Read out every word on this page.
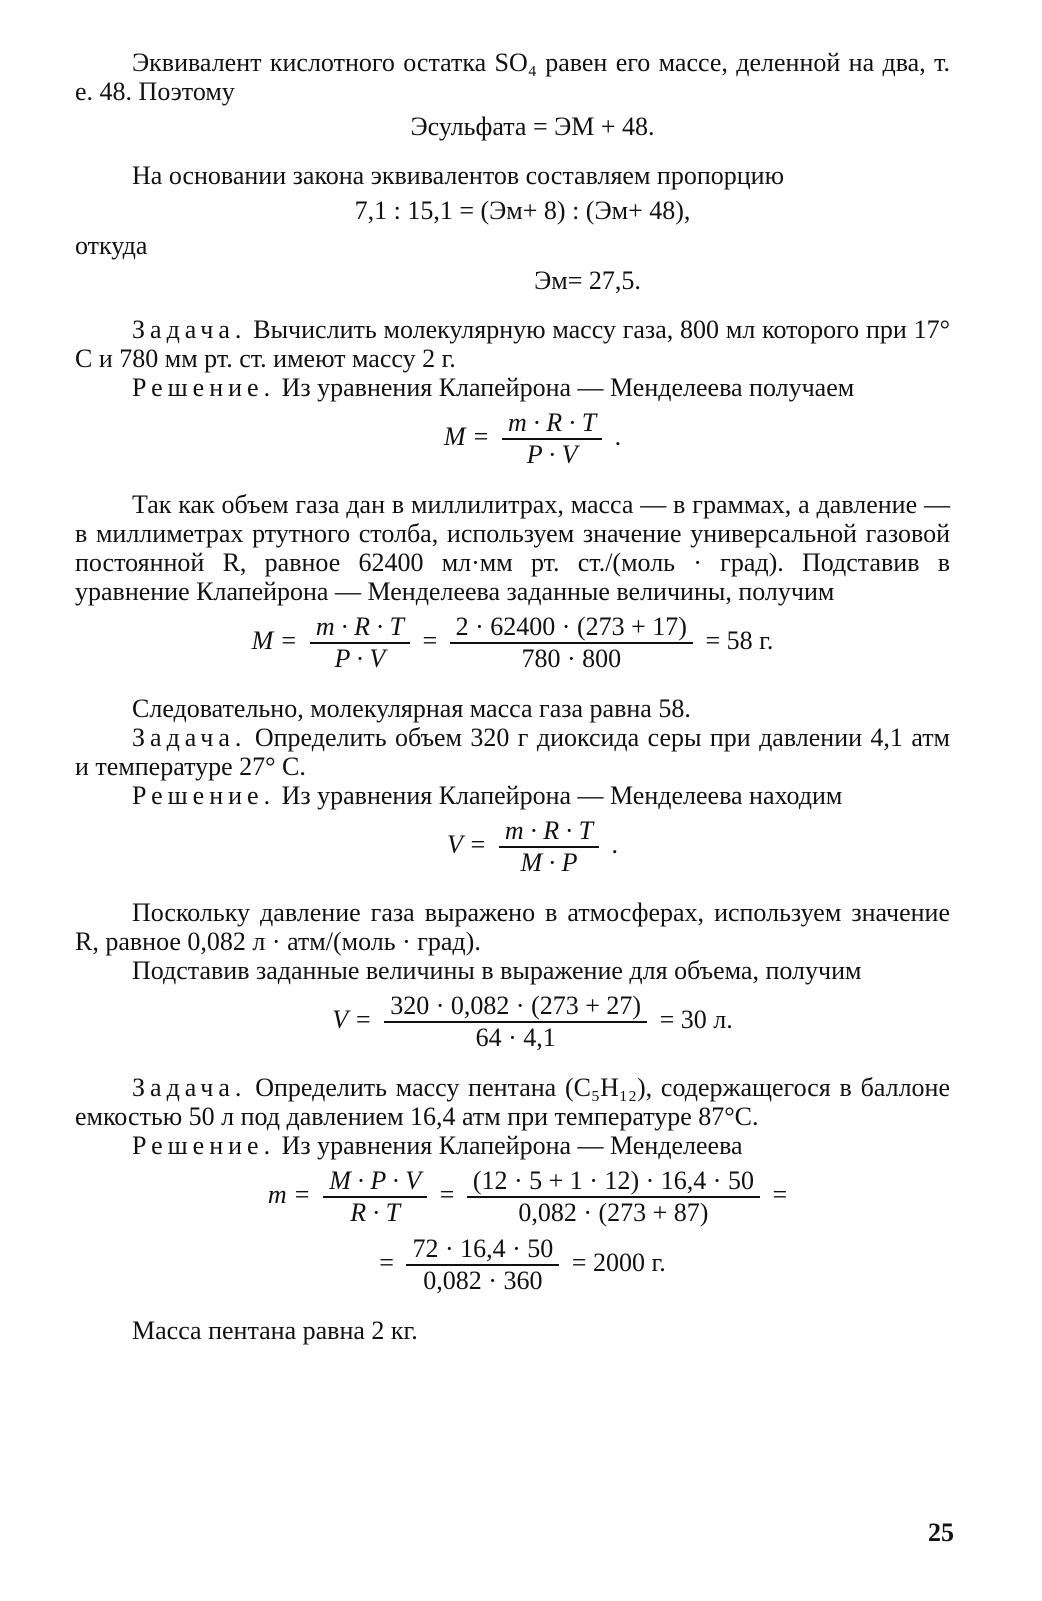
Эквивалент кислотного остатка SO₄ равен его массе, деленной на два, т. е. 48. Поэтому

Эсульфата = ЭМ + 48.

На основании закона эквивалентов составляем пропорцию

7,1 : 15,1 = (Эм+ 8) : (Эм+ 48),

откуда

Эм= 27,5.

Задача. Вычислить молекулярную массу газа, 800 мл которого при 17° С и 780 мм рт. ст. имеют массу 2 г.

Решение. Из уравнения Клапейрона — Менделеева получаем

$M = \frac{m \cdot R \cdot T}{P \cdot V}$ .

Так как объем газа дан в миллилитрах, масса — в граммах, а давление — в миллиметрах ртутного столба, используем значение универсальной газовой постоянной R, равное 62400 мл·мм рт. ст./(моль · град). Подставив в уравнение Клапейрона — Менделеева заданные величины, получим

$M = \frac{m \cdot R \cdot T}{P \cdot V} = \frac{2 \cdot 62400 \cdot (273 + 17)}{780 \cdot 800} = 58$ г.

Следовательно, молекулярная масса газа равна 58.

Задача. Определить объем 320 г диоксида серы при давлении 4,1 атм и температуре 27° С.

Решение. Из уравнения Клапейрона — Менделеева находим

$V = \frac{m \cdot R \cdot T}{M \cdot P}$ .

Поскольку давление газа выражено в атмосферах, используем значение R, равное 0,082 л · атм/(моль · град).

Подставив заданные величины в выражение для объема, получим

$V = \frac{320 \cdot 0,082 \cdot (273 + 27)}{64 \cdot 4,1} = 30$ л.

Задача. Определить массу пентана (C₅H₁₂), содержащегося в баллоне емкостью 50 л под давлением 16,4 атм при температуре 87°С.

Решение. Из уравнения Клапейрона — Менделеева

$m = \frac{M \cdot P \cdot V}{R \cdot T} = \frac{(12 \cdot 5 + 1 \cdot 12) \cdot 16,4 \cdot 50}{0,082 \cdot (273 + 87)}$ =
= $\frac{72 \cdot 16,4 \cdot 50}{0,082 \cdot 360} = 2000$ г.

Масса пентана равна 2 кг.

25
